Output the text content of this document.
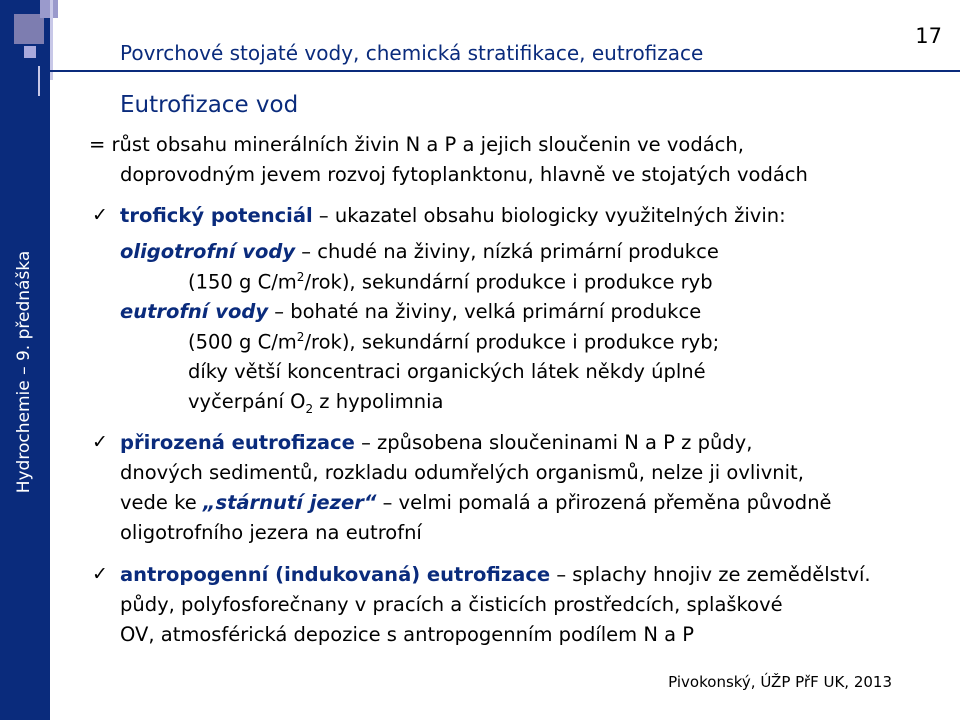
Hydrochemie – 9. přednáška
Povrchové stojaté vody, chemická stratifikace, eutrofizace
17
Eutrofizace vod
= růst obsahu minerálních živin N a P a jejich sloučenin ve vodách,
doprovodným jevem rozvoj fytoplanktonu, hlavně ve stojatých vodách
✓ trofický potenciál – ukazatel obsahu biologicky využitelných živin:
oligotrofní vody – chudé na živiny, nízká primární produkce
(150 g $C/m^2/rok$), sekundární produkce i produkce ryb
eutrofní vody – bohaté na živiny, velká primární produkce
(500 g $C/m^2/rok$), sekundární produkce i produkce ryb;
díky větší koncentraci organických látek někdy úplné
vyčerpání $O_2$ z hypolimnia
✓ přirozená eutrofizace – způsobena sloučeninami N a P z půdy,
dnových sedimentů, rozkladu odumřelých organismů, nelze ji ovlivnit,
vede ke „stárnutí jezer“ – velmi pomalá a přirozená přeměna původně
oligotrofního jezera na eutrofní
✓ antropogenní (indukovaná) eutrofizace – splachy hnojiv ze zemědělství.
půdy, polyfosforečnany v pracích a čisticích prostředcích, splaškové
OV, atmosférická depozice s antropogenním podílem N a P
Pivokonský, ÚŽP PřF UK, 2013
